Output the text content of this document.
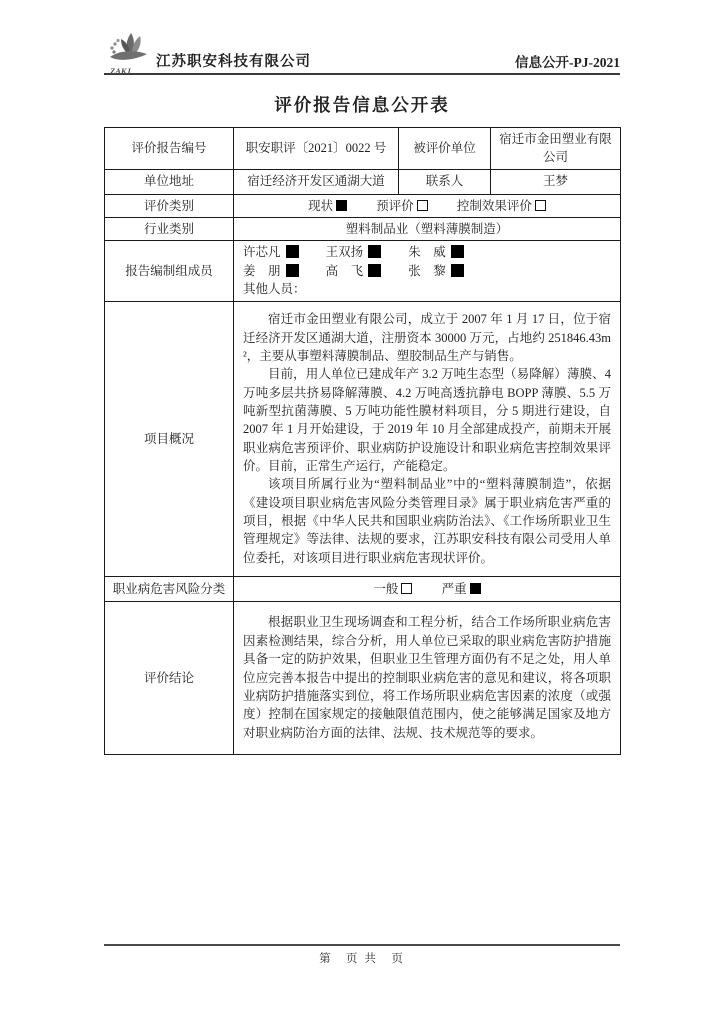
ZAKJ
江苏职安科技有限公司	信息公开-PJ-2021
评价报告信息公开表
评价报告编号	职安职评〔2021〕0022 号	被评价单位	宿迁市金田塑业有限公司
单位地址	宿迁经济开发区通湖大道	联系人	王梦
评价类别	现状 预评价 控制效果评价		
行业类别	塑料制品业（塑料薄膜制造）		
报告编制组成员	许芯凡 王双扬 朱　威
姜　朋 高　飞 张　黎
其他人员：		

项目概况	宿迁市金田塑业有限公司，成立于 2007 年 1 月 17 日，位于宿迁经济开发区通湖大道，注册资本 30000 万元，占地约 251846.43m²，主要从事塑料薄膜制品、塑胶制品生产与销售。

目前，用人单位已建成年产 3.2 万吨生态型（易降解）薄膜、4 万吨多层共挤易降解薄膜、4.2 万吨高透抗静电 BOPP 薄膜、5.5 万吨新型抗菌薄膜、5 万吨功能性膜材料项目，分 5 期进行建设，自 2007 年 1 月开始建设，于 2019 年 10 月全部建成投产，前期未开展职业病危害预评价、职业病防护设施设计和职业病危害控制效果评价。目前，正常生产运行，产能稳定。

该项目所属行业为“塑料制品业”中的“塑料薄膜制造”，依据《建设项目职业病危害风险分类管理目录》属于职业病危害严重的项目，根据《中华人民共和国职业病防治法》、《工作场所职业卫生管理规定》等法律、法规的要求，江苏职安科技有限公司受用人单位委托，对该项目进行职业病危害现状评价。		

职业病危害风险分类	一般 严重		
评价结论	根据职业卫生现场调查和工程分析，结合工作场所职业病危害因素检测结果，综合分析，用人单位已采取的职业病危害防护措施具备一定的防护效果，但职业卫生管理方面仍有不足之处，用人单位应完善本报告中提出的控制职业病危害的意见和建议，将各项职业病防护措施落实到位，将工作场所职业病危害因素的浓度（或强度）控制在国家规定的接触限值范围内，使之能够满足国家及地方对职业病防治方面的法律、法规、技术规范等的要求。		

第　页 共　页
